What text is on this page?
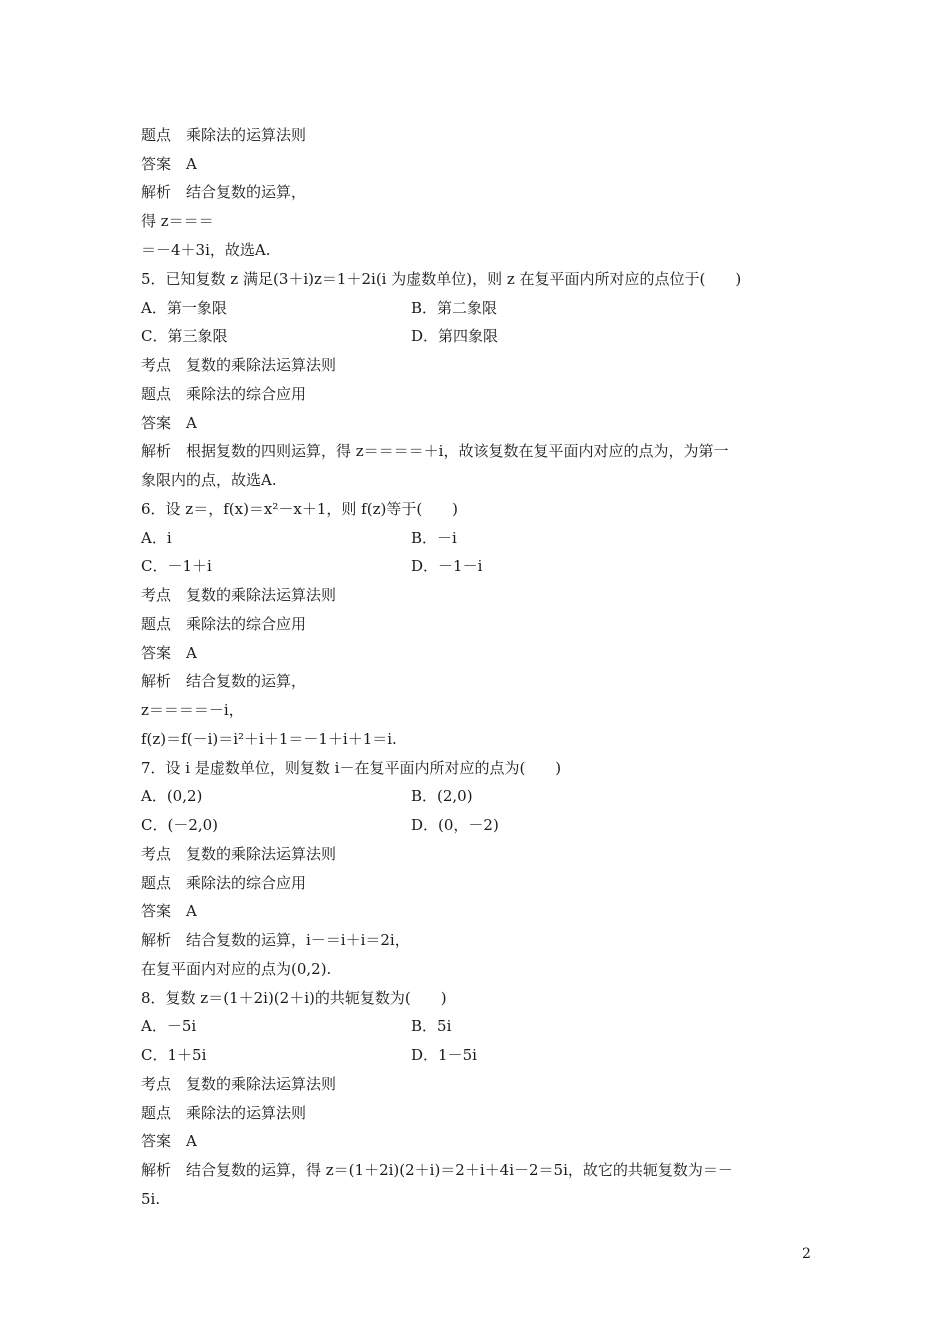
题点　乘除法的运算法则
答案　A
解析　结合复数的运算，
得 z＝＝＝
＝－4＋3i，故选A.
5．已知复数 z 满足(3＋i)z＝1＋2i(i 为虚数单位)，则 z 在复平面内所对应的点位于(　　)
A．第一象限	B．第二象限
C．第三象限	D．第四象限
考点　复数的乘除法运算法则
题点　乘除法的综合应用
答案　A
解析　根据复数的四则运算，得 z＝＝＝＝＋i，故该复数在复平面内对应的点为，为第一
象限内的点，故选A.
6．设 z＝，f(x)＝x²－x＋1，则 f(z)等于(　　)
A．i	B．－i
C．－1＋i	D．－1－i
考点　复数的乘除法运算法则
题点　乘除法的综合应用
答案　A
解析　结合复数的运算，
z＝＝＝＝－i，
f(z)＝f(－i)＝i²＋i＋1＝－1＋i＋1＝i.
7．设 i 是虚数单位，则复数 i－在复平面内所对应的点为(　　)
A．(0,2)	B．(2,0)
C．(－2,0)	D．(0，－2)
考点　复数的乘除法运算法则
题点　乘除法的综合应用
答案　A
解析　结合复数的运算，i－＝i＋i＝2i，
在复平面内对应的点为(0,2).
8．复数 z＝(1＋2i)(2＋i)的共轭复数为(　　)
A．－5i	B．5i
C．1＋5i	D．1－5i
考点　复数的乘除法运算法则
题点　乘除法的运算法则
答案　A
解析　结合复数的运算，得 z＝(1＋2i)(2＋i)＝2＋i＋4i－2＝5i，故它的共轭复数为＝－
5i.
2
